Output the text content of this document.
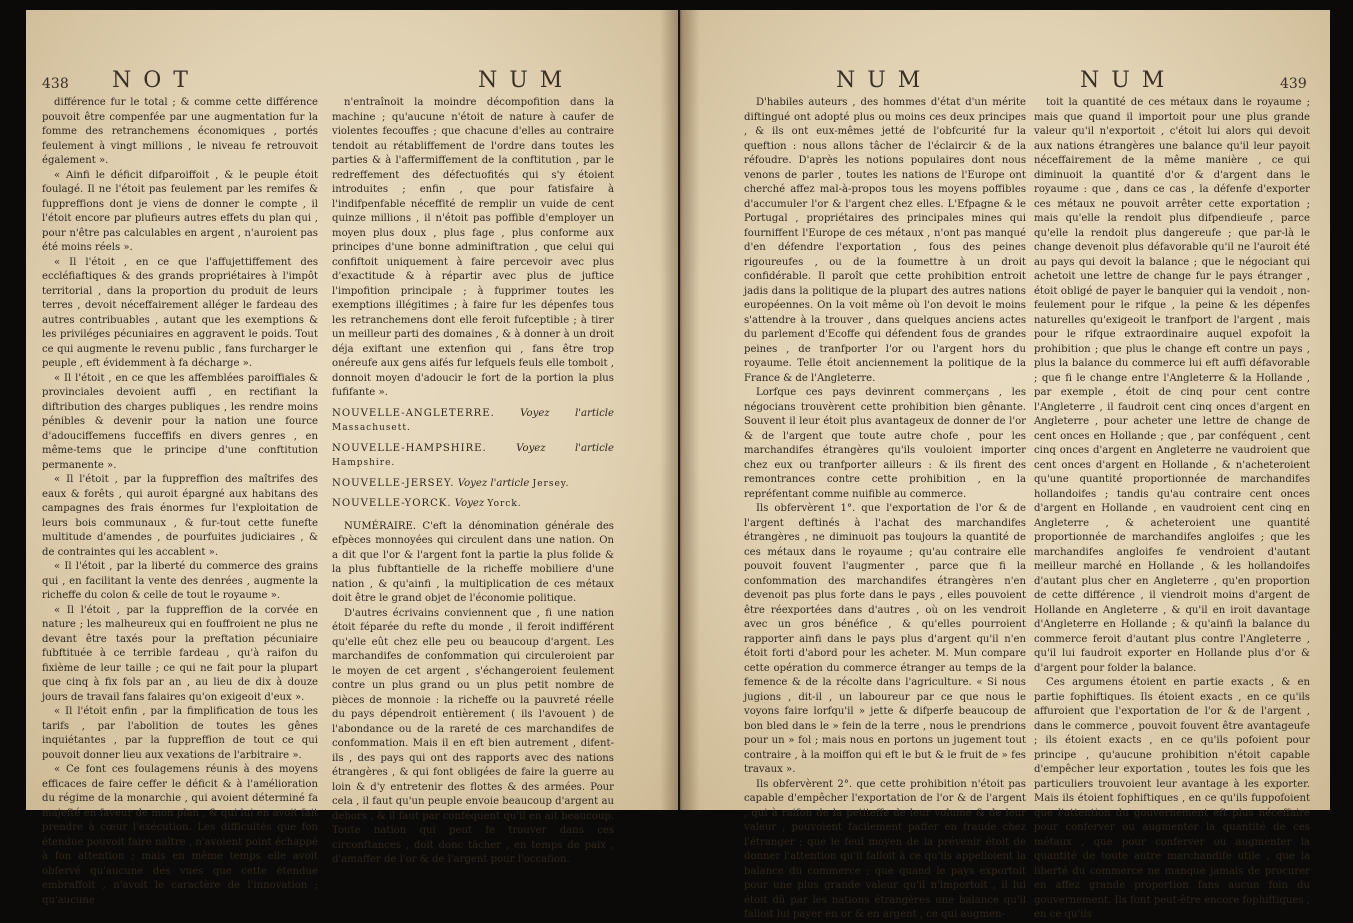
438 NOT	NUM

différence fur le total ; & comme cette différence pouvoit être compenfée par une augmentation fur la fomme des retranchemens économiques , portés feulement à vingt millions , le niveau fe retrouvoit également ».

« Ainfi le déficit difparoiffoit , & le peuple étoit foulagé. Il ne l'étoit pas feulement par les remifes & fuppreffions dont je viens de donner le compte , il l'étoit encore par plufieurs autres effets du plan qui , pour n'être pas calculables en argent , n'auroient pas été moins réels ».

« Il l'étoit , en ce que l'affujettiffement des eccléfiaftiques & des grands propriétaires à l'impôt territorial , dans la proportion du produit de leurs terres , devoit néceffairement alléger le fardeau des autres contribuables , autant que les exemptions & les priviléges pécuniaires en aggravent le poids. Tout ce qui augmente le revenu public , fans furcharger le peuple , eft évidemment à fa décharge ».

« Il l'étoit , en ce que les affemblées paroiffiales & provinciales devoient auffi , en rectifiant la diftribution des charges publiques , les rendre moins pénibles & devenir pour la nation une fource d'adouciffemens fucceffifs en divers genres , en même-tems que le principe d'une conftitution permanente ».

« Il l'étoit , par la fuppreffion des maîtrifes des eaux & forêts , qui auroit épargné aux habitans des campagnes des frais énormes fur l'exploitation de leurs bois communaux , & fur-tout cette funefte multitude d'amendes , de pourfuites judiciaires , & de contraintes qui les accablent ».

« Il l'étoit , par la liberté du commerce des grains qui , en facilitant la vente des denrées , augmente la richeffe du colon & celle de tout le royaume ».

« Il l'étoit , par la fuppreffion de la corvée en nature ; les malheureux qui en fouffroient ne plus ne devant être taxés pour la preftation pécuniaire fubftituée à ce terrible fardeau , qu'à raifon du fixième de leur taille ; ce qui ne fait pour la plupart que cinq à fix fols par an , au lieu de dix à douze jours de travail fans falaires qu'on exigeoit d'eux ».

« Il l'étoit enfin , par la fimplification de tous les tarifs , par l'abolition de toutes les gênes inquiétantes , par la fuppreffion de tout ce qui pouvoit donner lieu aux vexations de l'arbitraire ».

« Ce font ces foulagemens réunis à des moyens efficaces de faire ceffer le déficit & à l'amélioration du régime de la monarchie , qui avoient déterminé fa majefté en faveur de mon plan , & qui lui en avoit fait prendre à cœur l'exécution. Les difficultés que fon étendue pouvoit faire naître , n'avoient point échappé à fon attention ; mais en même temps elle avoit obfervé qu'aucune des vues que cette étendue embraffoit , n'avoit le caractère de l'innovation ; qu'aucune

n'entraînoit la moindre décompofition dans la machine ; qu'aucune n'étoit de nature à caufer de violentes fecouffes ; que chacune d'elles au contraire tendoit au rétabliffement de l'ordre dans toutes les parties & à l'affermiffement de la conftitution , par le redreffement des défectuofités qui s'y étoient introduites ; enfin , que pour fatisfaire à l'indifpenfable néceffité de remplir un vuide de cent quinze millions , il n'étoit pas poffible d'employer un moyen plus doux , plus fage , plus conforme aux principes d'une bonne adminiftration , que celui qui confiftoit uniquement à faire percevoir avec plus d'exactitude & à répartir avec plus de juftice l'impofition principale ; à fupprimer toutes les exemptions illégitimes ; à faire fur les dépenfes tous les retranchemens dont elle feroit fufceptible ; à tirer un meilleur parti des domaines , & à donner à un droit déja exiftant une extenfion qui , fans être trop onéreufe aux gens aifés fur lefquels feuls elle tomboit , donnoit moyen d'adoucir le fort de la portion la plus fufifante ».

NOUVELLE-ANGLETERRE.	Voyez l'article Massachusett.

NOUVELLE-HAMPSHIRE.	Voyez l'article Hampshire.

NOUVELLE-JERSEY. Voyez l'article Jersey.

NOUVELLE-YORCK. Voyez Yorck.

NUMÉRAIRE. C'eft la dénomination générale des efpèces monnoyées qui circulent dans une nation. On a dit que l'or & l'argent font la partie la plus folide & la plus fubftantielle de la richeffe mobiliere d'une nation , & qu'ainfi , la multiplication de ces métaux doit être le grand objet de l'économie politique.

D'autres écrivains conviennent que , fi une nation étoit féparée du refte du monde , il feroit indifférent qu'elle eût chez elle peu ou beaucoup d'argent. Les marchandifes de confommation qui circuleroient par le moyen de cet argent , s'échangeroient feulement contre un plus grand ou un plus petit nombre de pièces de monnoie : la richeffe ou la pauvreté réelle du pays dépendroit entièrement ( ils l'avouent ) de l'abondance ou de la rareté de ces marchandifes de confommation. Mais il en eft bien autrement , difent-ils , des pays qui ont des rapports avec des nations étrangères , & qui font obligées de faire la guerre au loin & d'y entretenir des flottes & des armées. Pour cela , il faut qu'un peuple envoie beaucoup d'argent au dehors , & il faut par conféquent qu'il en ait beaucoup. Toute nation qui peut fe trouver dans ces circonftances , doit donc tâcher , en temps de paix , d'amaffer de l'or & de l'argent pour l'occafion.

NUM	NUM	439

D'habiles auteurs , des hommes d'état d'un mérite diftingué ont adopté plus ou moins ces deux principes , & ils ont eux-mêmes jetté de l'obfcurité fur la queftion : nous allons tâcher de l'éclaircir & de la réfoudre. D'après les notions populaires dont nous venons de parler , toutes les nations de l'Europe ont cherché affez mal-à-propos tous les moyens poffibles d'accumuler l'or & l'argent chez elles. L'Efpagne & le Portugal , propriétaires des principales mines qui fourniffent l'Europe de ces métaux , n'ont pas manqué d'en défendre l'exportation , fous des peines rigoureufes , ou de la foumettre à un droit confidérable. Il paroît que cette prohibition entroit jadis dans la politique de la plupart des autres nations européennes. On la voit même où l'on devoit le moins s'attendre à la trouver , dans quelques anciens actes du parlement d'Ecoffe qui défendent fous de grandes peines , de tranfporter l'or ou l'argent hors du royaume. Telle étoit anciennement la politique de la France & de l'Angleterre.

Lorfque ces pays devinrent commerçans , les négocians trouvèrent cette prohibition bien gênante. Souvent il leur étoit plus avantageux de donner de l'or & de l'argent que toute autre chofe , pour les marchandifes étrangères qu'ils vouloient importer chez eux ou tranfporter ailleurs : & ils firent des remontrances contre cette prohibition , en la repréfentant comme nuifible au commerce.

Ils obfervèrent 1°. que l'exportation de l'or & de l'argent deftinés à l'achat des marchandifes étrangères , ne diminuoit pas toujours la quantité de ces métaux dans le royaume ; qu'au contraire elle pouvoit fouvent l'augmenter , parce que fi la confommation des marchandifes étrangères n'en devenoit pas plus forte dans le pays , elles pouvoient être réexportées dans d'autres , où on les vendroit avec un gros bénéfice , & qu'elles pourroient rapporter ainfi dans le pays plus d'argent qu'il n'en étoit forti d'abord pour les acheter. M. Mun compare cette opération du commerce étranger au temps de la femence & de la récolte dans l'agriculture. « Si nous jugions , dit-il , un laboureur par ce que nous le voyons faire lorfqu'il » jette & difperfe beaucoup de bon bled dans le » fein de la terre , nous le prendrions pour un » fol ; mais nous en portons un jugement tout contraire , à la moiffon qui eft le but & le fruit de » fes travaux ».

Ils obfervèrent 2°. que cette prohibition n'étoit pas capable d'empêcher l'exportation de l'or & de l'argent , qui à raifon de la petiteffe de leur volume & de leur valeur , pouvoient facilement paffer en fraude chez l'étranger ; que le feul moyen de la prévenir étoit de donner l'attention qu'il falloit à ce qu'ils appelloient la balance du commerce ; que quand le pays exportoit pour une plus grande valeur qu'il n'importoit , il lui étoit dû par les nations étrangères une balance qu'il falloit lui payer en or & en argent , ce qui augmen-

toit la quantité de ces métaux dans le royaume ; mais que quand il importoit pour une plus grande valeur qu'il n'exportoit , c'étoit lui alors qui devoit aux nations étrangères une balance qu'il leur payoit néceffairement de la même manière , ce qui diminuoit la quantité d'or & d'argent dans le royaume : que , dans ce cas , la défenfe d'exporter ces métaux ne pouvoit arrêter cette exportation ; mais qu'elle la rendoit plus difpendieufe , parce qu'elle la rendoit plus dangereufe ; que par-là le change devenoit plus défavorable qu'il ne l'auroit été au pays qui devoit la balance ; que le négociant qui achetoit une lettre de change fur le pays étranger , étoit obligé de payer le banquier qui la vendoit , non-feulement pour le rifque , la peine & les dépenfes naturelles qu'exigeoit le tranfport de l'argent , mais pour le rifque extraordinaire auquel expofoit la prohibition ; que plus le change eft contre un pays , plus la balance du commerce lui eft auffi défavorable ; que fi le change entre l'Angleterre & la Hollande , par exemple , étoit de cinq pour cent contre l'Angleterre , il faudroit cent cinq onces d'argent en Angleterre , pour acheter une lettre de change de cent onces en Hollande ; que , par conféquent , cent cinq onces d'argent en Angleterre ne vaudroient que cent onces d'argent en Hollande , & n'acheteroient qu'une quantité proportionnée de marchandifes hollandoifes ; tandis qu'au contraire cent onces d'argent en Hollande , en vaudroient cent cinq en Angleterre , & acheteroient une quantité proportionnée de marchandifes angloifes ; que les marchandifes angloifes fe vendroient d'autant meilleur marché en Hollande , & les hollandoifes d'autant plus cher en Angleterre , qu'en proportion de cette différence , il viendroit moins d'argent de Hollande en Angleterre , & qu'il en iroit davantage d'Angleterre en Hollande ; & qu'ainfi la balance du commerce feroit d'autant plus contre l'Angleterre , qu'il lui faudroit exporter en Hollande plus d'or & d'argent pour folder la balance.

Ces argumens étoient en partie exacts , & en partie fophiftiques. Ils étoient exacts , en ce qu'ils affuroient que l'exportation de l'or & de l'argent , dans le commerce , pouvoit fouvent être avantageufe ; ils étoient exacts , en ce qu'ils pofoient pour principe , qu'aucune prohibition n'étoit capable d'empêcher leur exportation , toutes les fois que les particuliers trouvoient leur avantage à les exporter. Mais ils étoient fophiftiques , en ce qu'ils fuppofoient que l'attention du gouvernement eft plus néceffaire pour conferver ou augmenter la quantité de ces métaux , que pour conferver ou augmenter la quantité de toute autre marchandife utile , que la liberté du commerce ne manque jamais de procurer en affez grande proportion fans aucun foin du gouvernement. Ils font peut-être encore fophiftiques , en ce qu'ils
